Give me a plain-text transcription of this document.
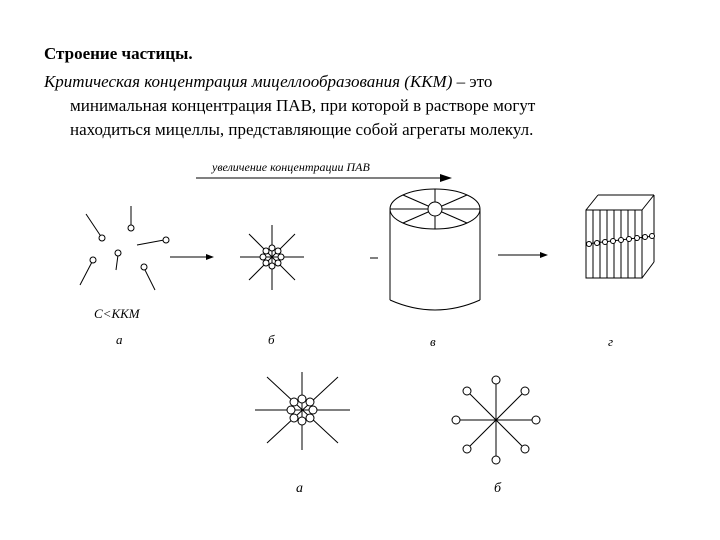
Строение частицы.
Критическая концентрация мицеллообразования (ККМ) – это
минимальная концентрация ПАВ, при которой в растворе могут
находиться мицеллы, представляющие собой агрегаты молекул.
увеличение концентрации ПАВ
С<ККМ
а	б	в	г
а	б
